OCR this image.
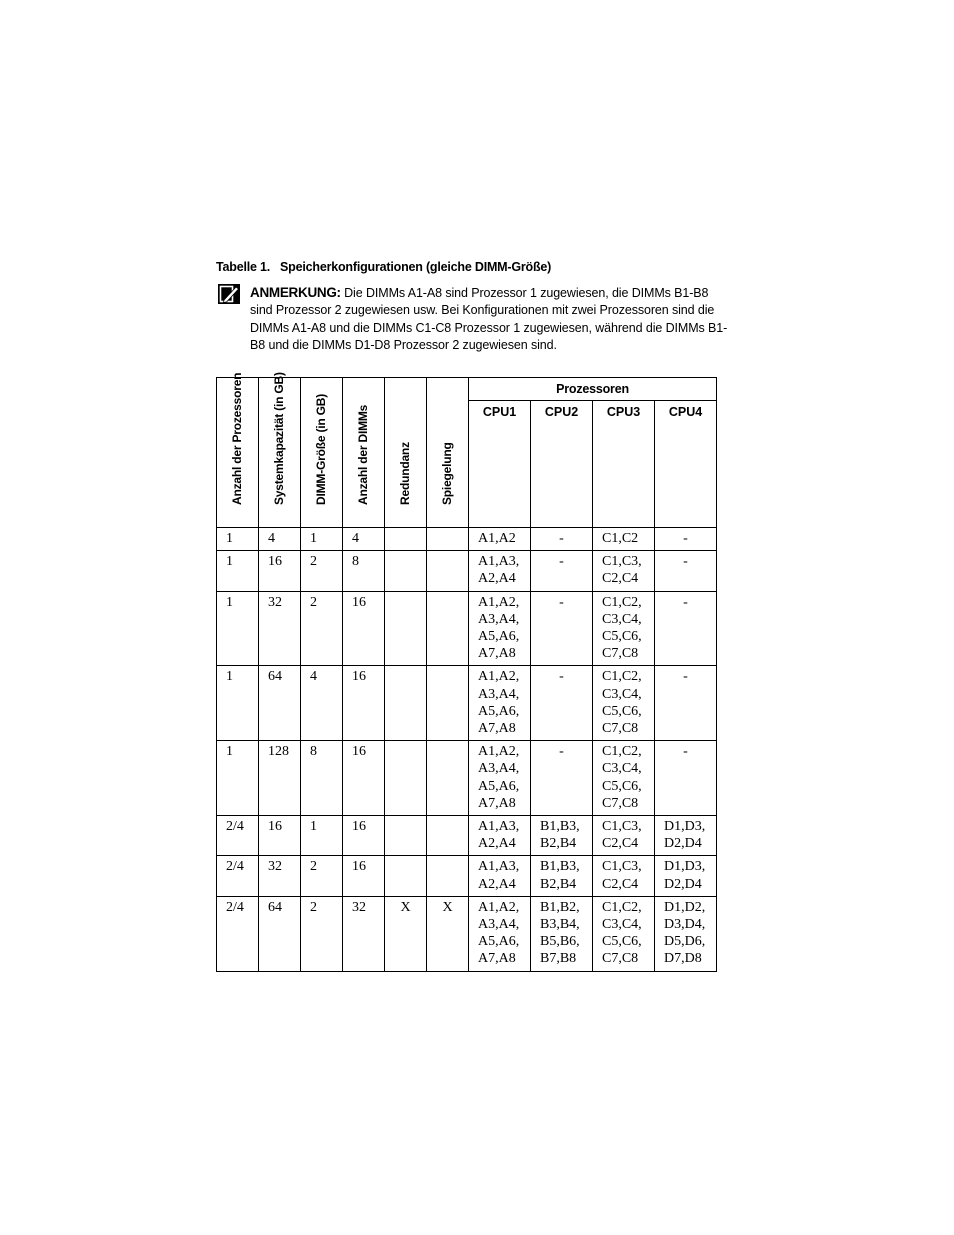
Tabelle 1. Speicherkonfigurationen (gleiche DIMM-Größe)
ANMERKUNG: Die DIMMs A1-A8 sind Prozessor 1 zugewiesen, die DIMMs B1-B8 sind Prozessor 2 zugewiesen usw. Bei Konfigurationen mit zwei Prozessoren sind die DIMMs A1-A8 und die DIMMs C1-C8 Prozessor 1 zugewiesen, während die DIMMs B1-B8 und die DIMMs D1-D8 Prozessor 2 zugewiesen sind.
Anzahl der Prozessoren	Systemkapazität (in GB)	DIMM-Größe (in GB)	Anzahl der DIMMs	Redundanz	Spiegelung	Prozessoren			
						CPU1	CPU2	CPU3	CPU4
1	4	1	4			A1,A2	-	C1,C2	-

1	16	2	8			A1,A3,
A2,A4	-	C1,C3,
C2,C4	-

1	32	2	16			A1,A2,
A3,A4,
A5,A6,
A7,A8	-	C1,C2,
C3,C4,
C5,C6,
C7,C8	-

1	64	4	16			A1,A2,
A3,A4,
A5,A6,
A7,A8	-	C1,C2,
C3,C4,
C5,C6,
C7,C8	-

1	128	8	16			A1,A2,
A3,A4,
A5,A6,
A7,A8	-	C1,C2,
C3,C4,
C5,C6,
C7,C8	-

2/4	16	1	16			A1,A3,
A2,A4	B1,B3,
B2,B4	C1,C3,
C2,C4	D1,D3,
D2,D4

2/4	32	2	16			A1,A3,
A2,A4	B1,B3,
B2,B4	C1,C3,
C2,C4	D1,D3,
D2,D4

2/4	64	2	32	X	X	A1,A2,
A3,A4,
A5,A6,
A7,A8	B1,B2,
B3,B4,
B5,B6,
B7,B8	C1,C2,
C3,C4,
C5,C6,
C7,C8	D1,D2,
D3,D4,
D5,D6,
D7,D8
